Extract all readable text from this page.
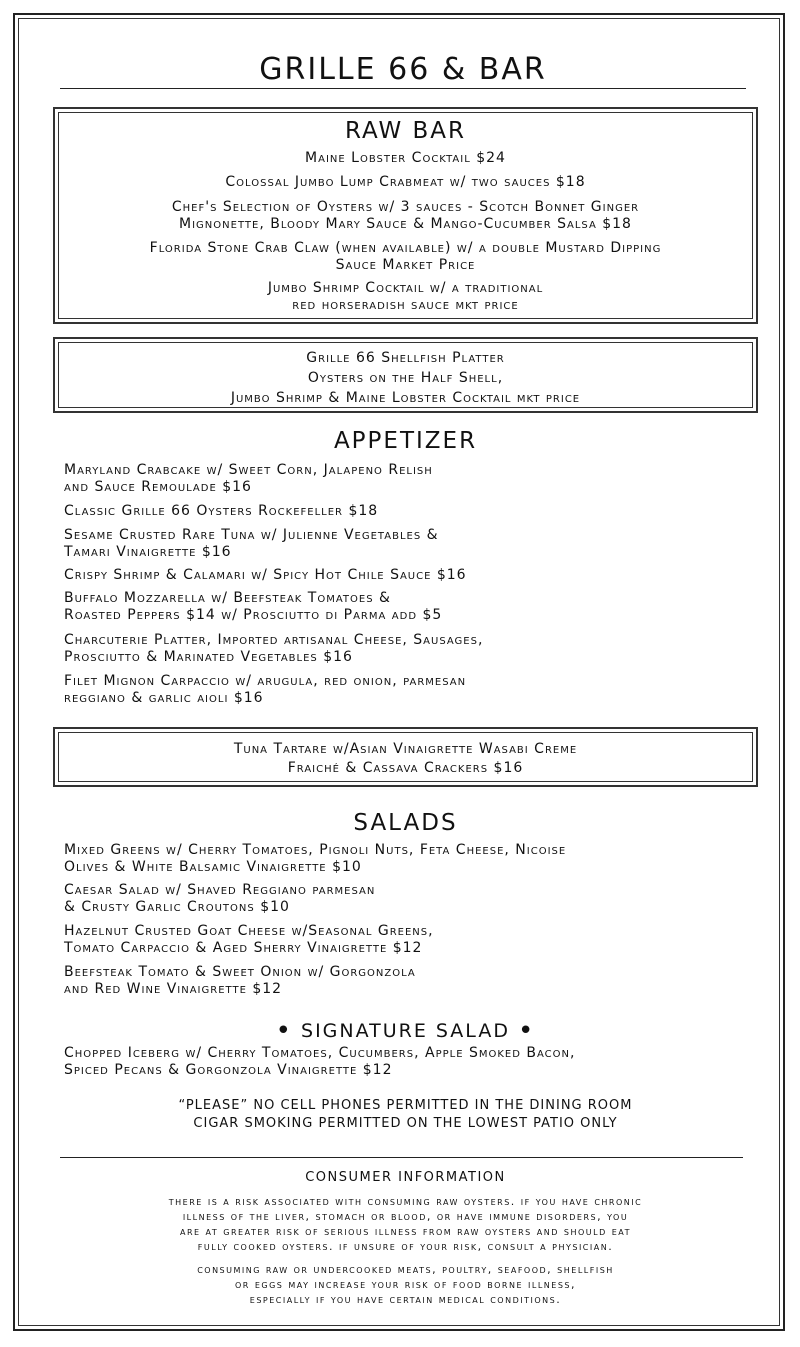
GRILLE 66 & BAR
RAW BAR
Maine Lobster Cocktail $24
Colossal Jumbo Lump Crabmeat w/ two sauces $18
Chef's Selection of Oysters w/ 3 sauces - Scotch Bonnet Ginger
Mignonette, Bloody Mary Sauce & Mango-Cucumber Salsa $18
Florida Stone Crab Claw (when available) w/ a double Mustard Dipping
Sauce Market Price
Jumbo Shrimp Cocktail w/ a traditional
red horseradish sauce mkt price
Grille 66 Shellfish Platter
Oysters on the Half Shell,
Jumbo Shrimp & Maine Lobster Cocktail mkt price
APPETIZER
Maryland Crabcake w/ Sweet Corn, Jalapeno Relish
and Sauce Remoulade $16
Classic Grille 66 Oysters Rockefeller $18
Sesame Crusted Rare Tuna w/ Julienne Vegetables &
Tamari Vinaigrette $16
Crispy Shrimp & Calamari w/ Spicy Hot Chile Sauce $16
Buffalo Mozzarella w/ Beefsteak Tomatoes &
Roasted Peppers $14 w/ Prosciutto di Parma add $5
Charcuterie Platter, Imported artisanal Cheese, Sausages,
Prosciutto & Marinated Vegetables $16
Filet Mignon Carpaccio w/ arugula, red onion, parmesan
reggiano & garlic aioli $16
Tuna Tartare w/Asian Vinaigrette Wasabi Creme
Fraiché & Cassava Crackers $16
SALADS
Mixed Greens w/ Cherry Tomatoes, Pignoli Nuts, Feta Cheese, Nicoise
Olives & White Balsamic Vinaigrette $10
Caesar Salad w/ Shaved Reggiano parmesan
& Crusty Garlic Croutons $10
Hazelnut Crusted Goat Cheese w/Seasonal Greens,
Tomato Carpaccio & Aged Sherry Vinaigrette $12
Beefsteak Tomato & Sweet Onion w/ Gorgonzola
and Red Wine Vinaigrette $12
• SIGNATURE SALAD •
Chopped Iceberg w/ Cherry Tomatoes, Cucumbers, Apple Smoked Bacon,
Spiced Pecans & Gorgonzola Vinaigrette $12
“PLEASE” NO CELL PHONES PERMITTED IN THE DINING ROOM
CIGAR SMOKING PERMITTED ON THE LOWEST PATIO ONLY
CONSUMER INFORMATION
there is a risk associated with consuming raw oysters. if you have chronic
illness of the liver, stomach or blood, or have immune disorders, you
are at greater risk of serious illness from raw oysters and should eat
fully cooked oysters. if unsure of your risk, consult a physician.
consuming raw or undercooked meats, poultry, seafood, shellfish
or eggs may increase your risk of food borne illness,
especially if you have certain medical conditions.
